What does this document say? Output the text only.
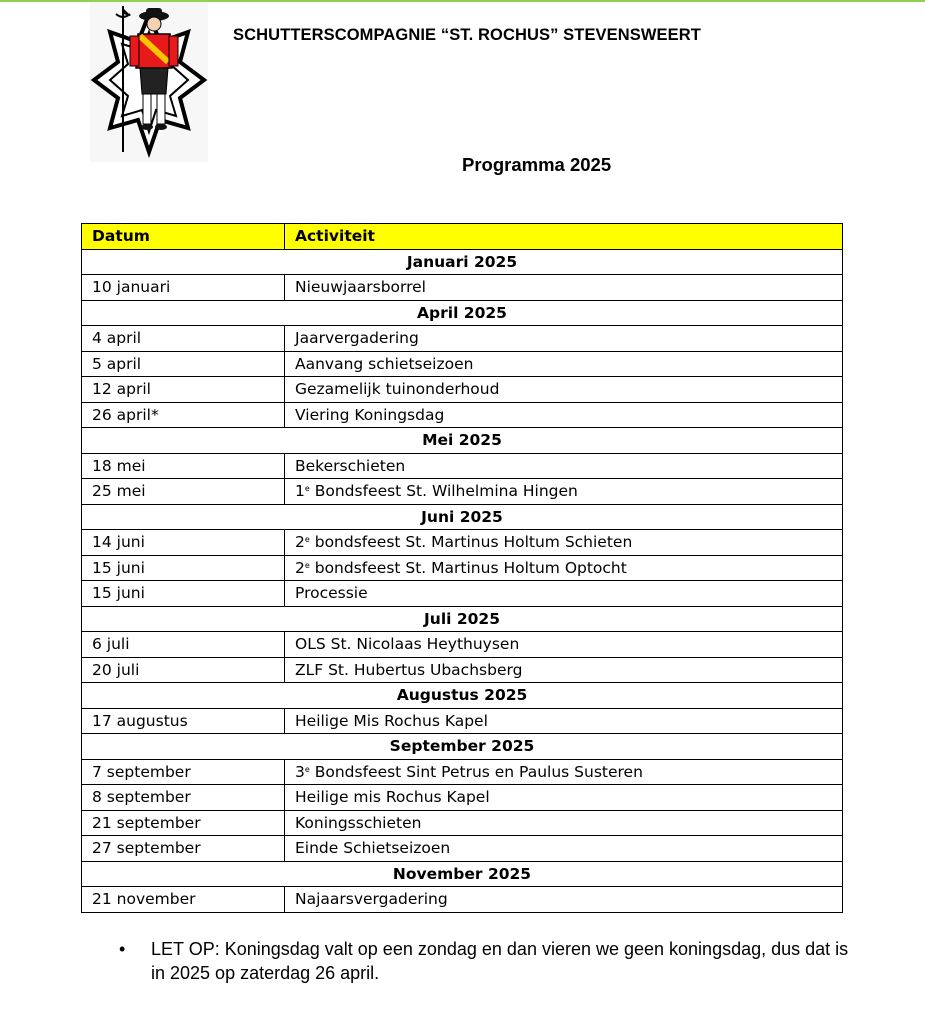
SCHUTTERSCOMPAGNIE “ST. ROCHUS” STEVENSWEERT
Programma 2025
Datum	Activiteit
Januari 2025	
10 januari	Nieuwjaarsborrel
April 2025	
4 april	Jaarvergadering
5 april	Aanvang schietseizoen
12 april	Gezamelijk tuinonderhoud
26 april*	Viering Koningsdag
Mei 2025	
18 mei	Bekerschieten
25 mei	1e Bondsfeest St. Wilhelmina Hingen
Juni 2025	
14 juni	2e bondsfeest St. Martinus Holtum Schieten
15 juni	2e bondsfeest St. Martinus Holtum Optocht
15 juni	Processie
Juli 2025	
6 juli	OLS St. Nicolaas Heythuysen
20 juli	ZLF St. Hubertus Ubachsberg
Augustus 2025	
17 augustus	Heilige Mis Rochus Kapel
September 2025	
7 september	3e Bondsfeest Sint Petrus en Paulus Susteren
8 september	Heilige mis Rochus Kapel
21 september	Koningsschieten
27 september	Einde Schietseizoen
November 2025	
21 november	Najaarsvergadering
• LET OP: Koningsdag valt op een zondag en dan vieren we geen koningsdag, dus dat is in 2025 op zaterdag 26 april.
